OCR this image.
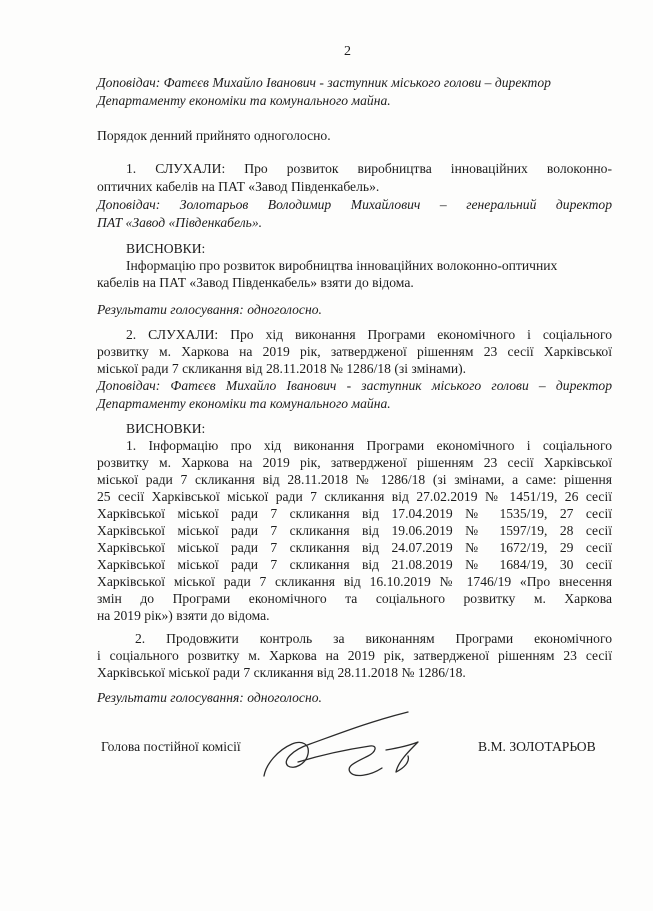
2
Доповідач: Фатєєв Михайло Іванович - заступник міського голови – директор
Департаменту економіки та комунального майна.
Порядок денний прийнято одноголосно.
1. СЛУХАЛИ: Про розвиток виробництва інноваційних волоконно-
оптичних кабелів на ПАТ «Завод Південкабель».
Доповідач: Золотарьов Володимир Михайлович – генеральний директор
ПАТ «Завод «Південкабель».
ВИСНОВКИ:
Інформацію про розвиток виробництва інноваційних волоконно-оптичних
кабелів на ПАТ «Завод Південкабель» взяти до відома.
Результати голосування: одноголосно.
2. СЛУХАЛИ: Про хід виконання Програми економічного і соціального
розвитку м. Харкова на 2019 рік, затвердженої рішенням 23 сесії Харківської
міської ради 7 скликання від 28.11.2018 № 1286/18 (зі змінами).
Доповідач: Фатєєв Михайло Іванович - заступник міського голови – директор
Департаменту економіки та комунального майна.
ВИСНОВКИ:
1. Інформацію про хід виконання Програми економічного і соціального
розвитку м. Харкова на 2019 рік, затвердженої рішенням 23 сесії Харківської
міської ради 7 скликання від 28.11.2018 № 1286/18 (зі змінами, а саме: рішення
25 сесії Харківської міської ради 7 скликання від 27.02.2019 № 1451/19, 26 сесії
Харківської міської ради 7 скликання від 17.04.2019 № 1535/19, 27 сесії
Харківської міської ради 7 скликання від 19.06.2019 № 1597/19, 28 сесії
Харківської міської ради 7 скликання від 24.07.2019 № 1672/19, 29 сесії
Харківської міської ради 7 скликання від 21.08.2019 № 1684/19, 30 сесії
Харківської міської ради 7 скликання від 16.10.2019 № 1746/19 «Про внесення
змін до Програми економічного та соціального розвитку м. Харкова
на 2019 рік») взяти до відома.
2. Продовжити контроль за виконанням Програми економічного
і соціального розвитку м. Харкова на 2019 рік, затвердженої рішенням 23 сесії
Харківської міської ради 7 скликання від 28.11.2018 № 1286/18.
Результати голосування: одноголосно.
Голова постійної комісії	В.М. ЗОЛОТАРЬОВ
